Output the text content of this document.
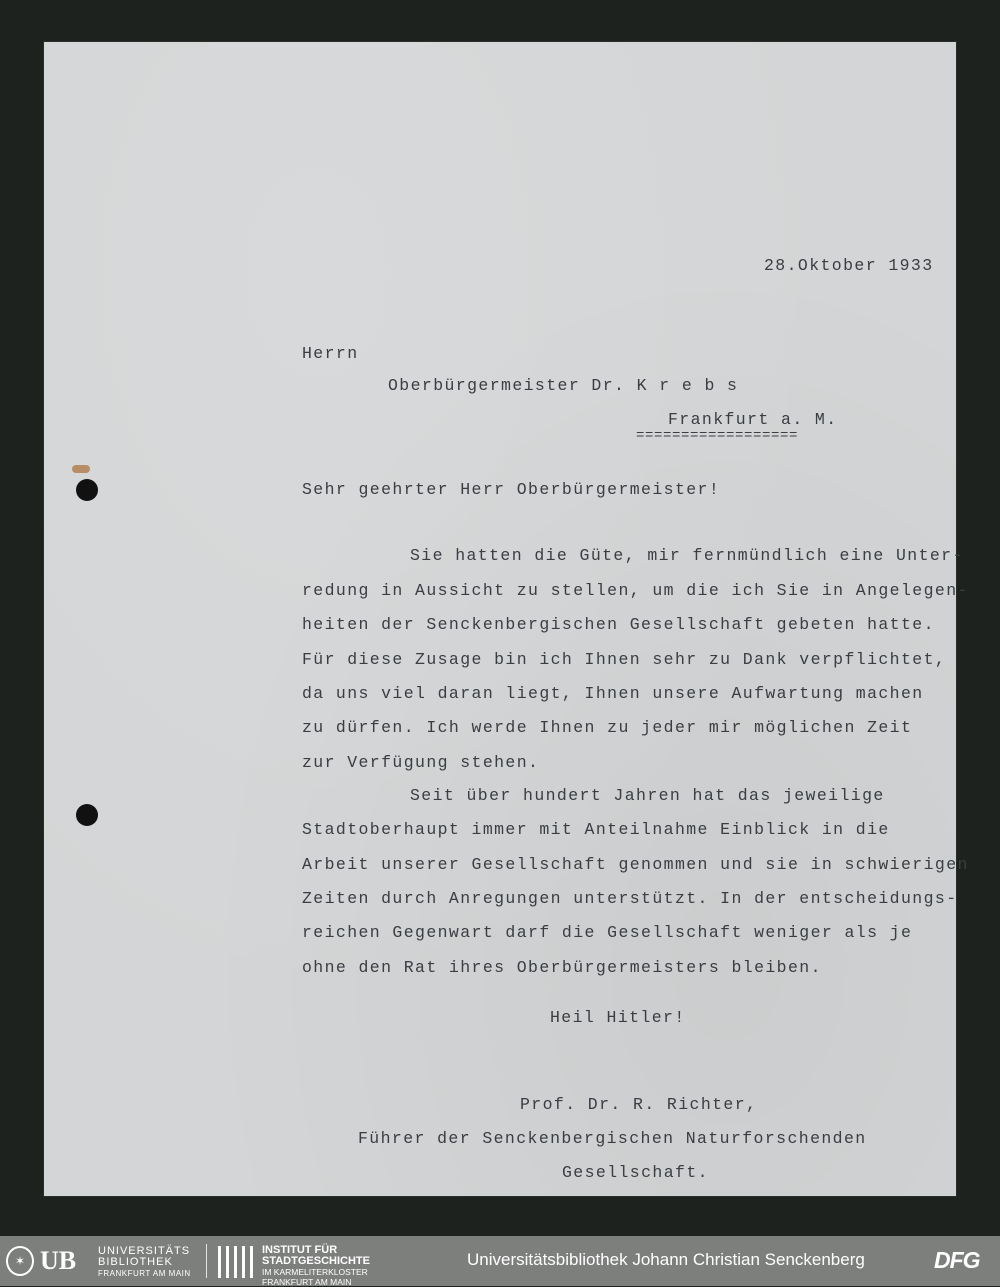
28.Oktober 1933

Herrn

Oberbürgermeister Dr. K r e b s

Frankfurt a. M.

==================

Sehr geehrter Herr Oberbürgermeister!

Sie hatten die Güte, mir fernmündlich eine Unter-

redung in Aussicht zu stellen, um die ich Sie in Angelegen-

heiten der Senckenbergischen Gesellschaft gebeten hatte.

Für diese Zusage bin ich Ihnen sehr zu Dank verpflichtet,

da uns viel daran liegt, Ihnen unsere Aufwartung machen

zu dürfen. Ich werde Ihnen zu jeder mir möglichen Zeit

zur Verfügung stehen.

Seit über hundert Jahren hat das jeweilige

Stadtoberhaupt immer mit Anteilnahme Einblick in die

Arbeit unserer Gesellschaft genommen und sie in schwierigen

Zeiten durch Anregungen unterstützt. In der entscheidungs-

reichen Gegenwart darf die Gesellschaft weniger als je

ohne den Rat ihres Oberbürgermeisters bleiben.

Heil Hitler!

Prof. Dr. R. Richter,

Führer der Senckenbergischen Naturforschenden

Gesellschaft.

✶ UB UNIVERSITÄTS
BIBLIOTHEK
FRANKFURT AM MAIN
INSTITUT FÜR
STADTGESCHICHTE
IM KARMELITERKLOSTER
FRANKFURT AM MAIN
Universitätsbibliothek Johann Christian Senckenberg	DFG
